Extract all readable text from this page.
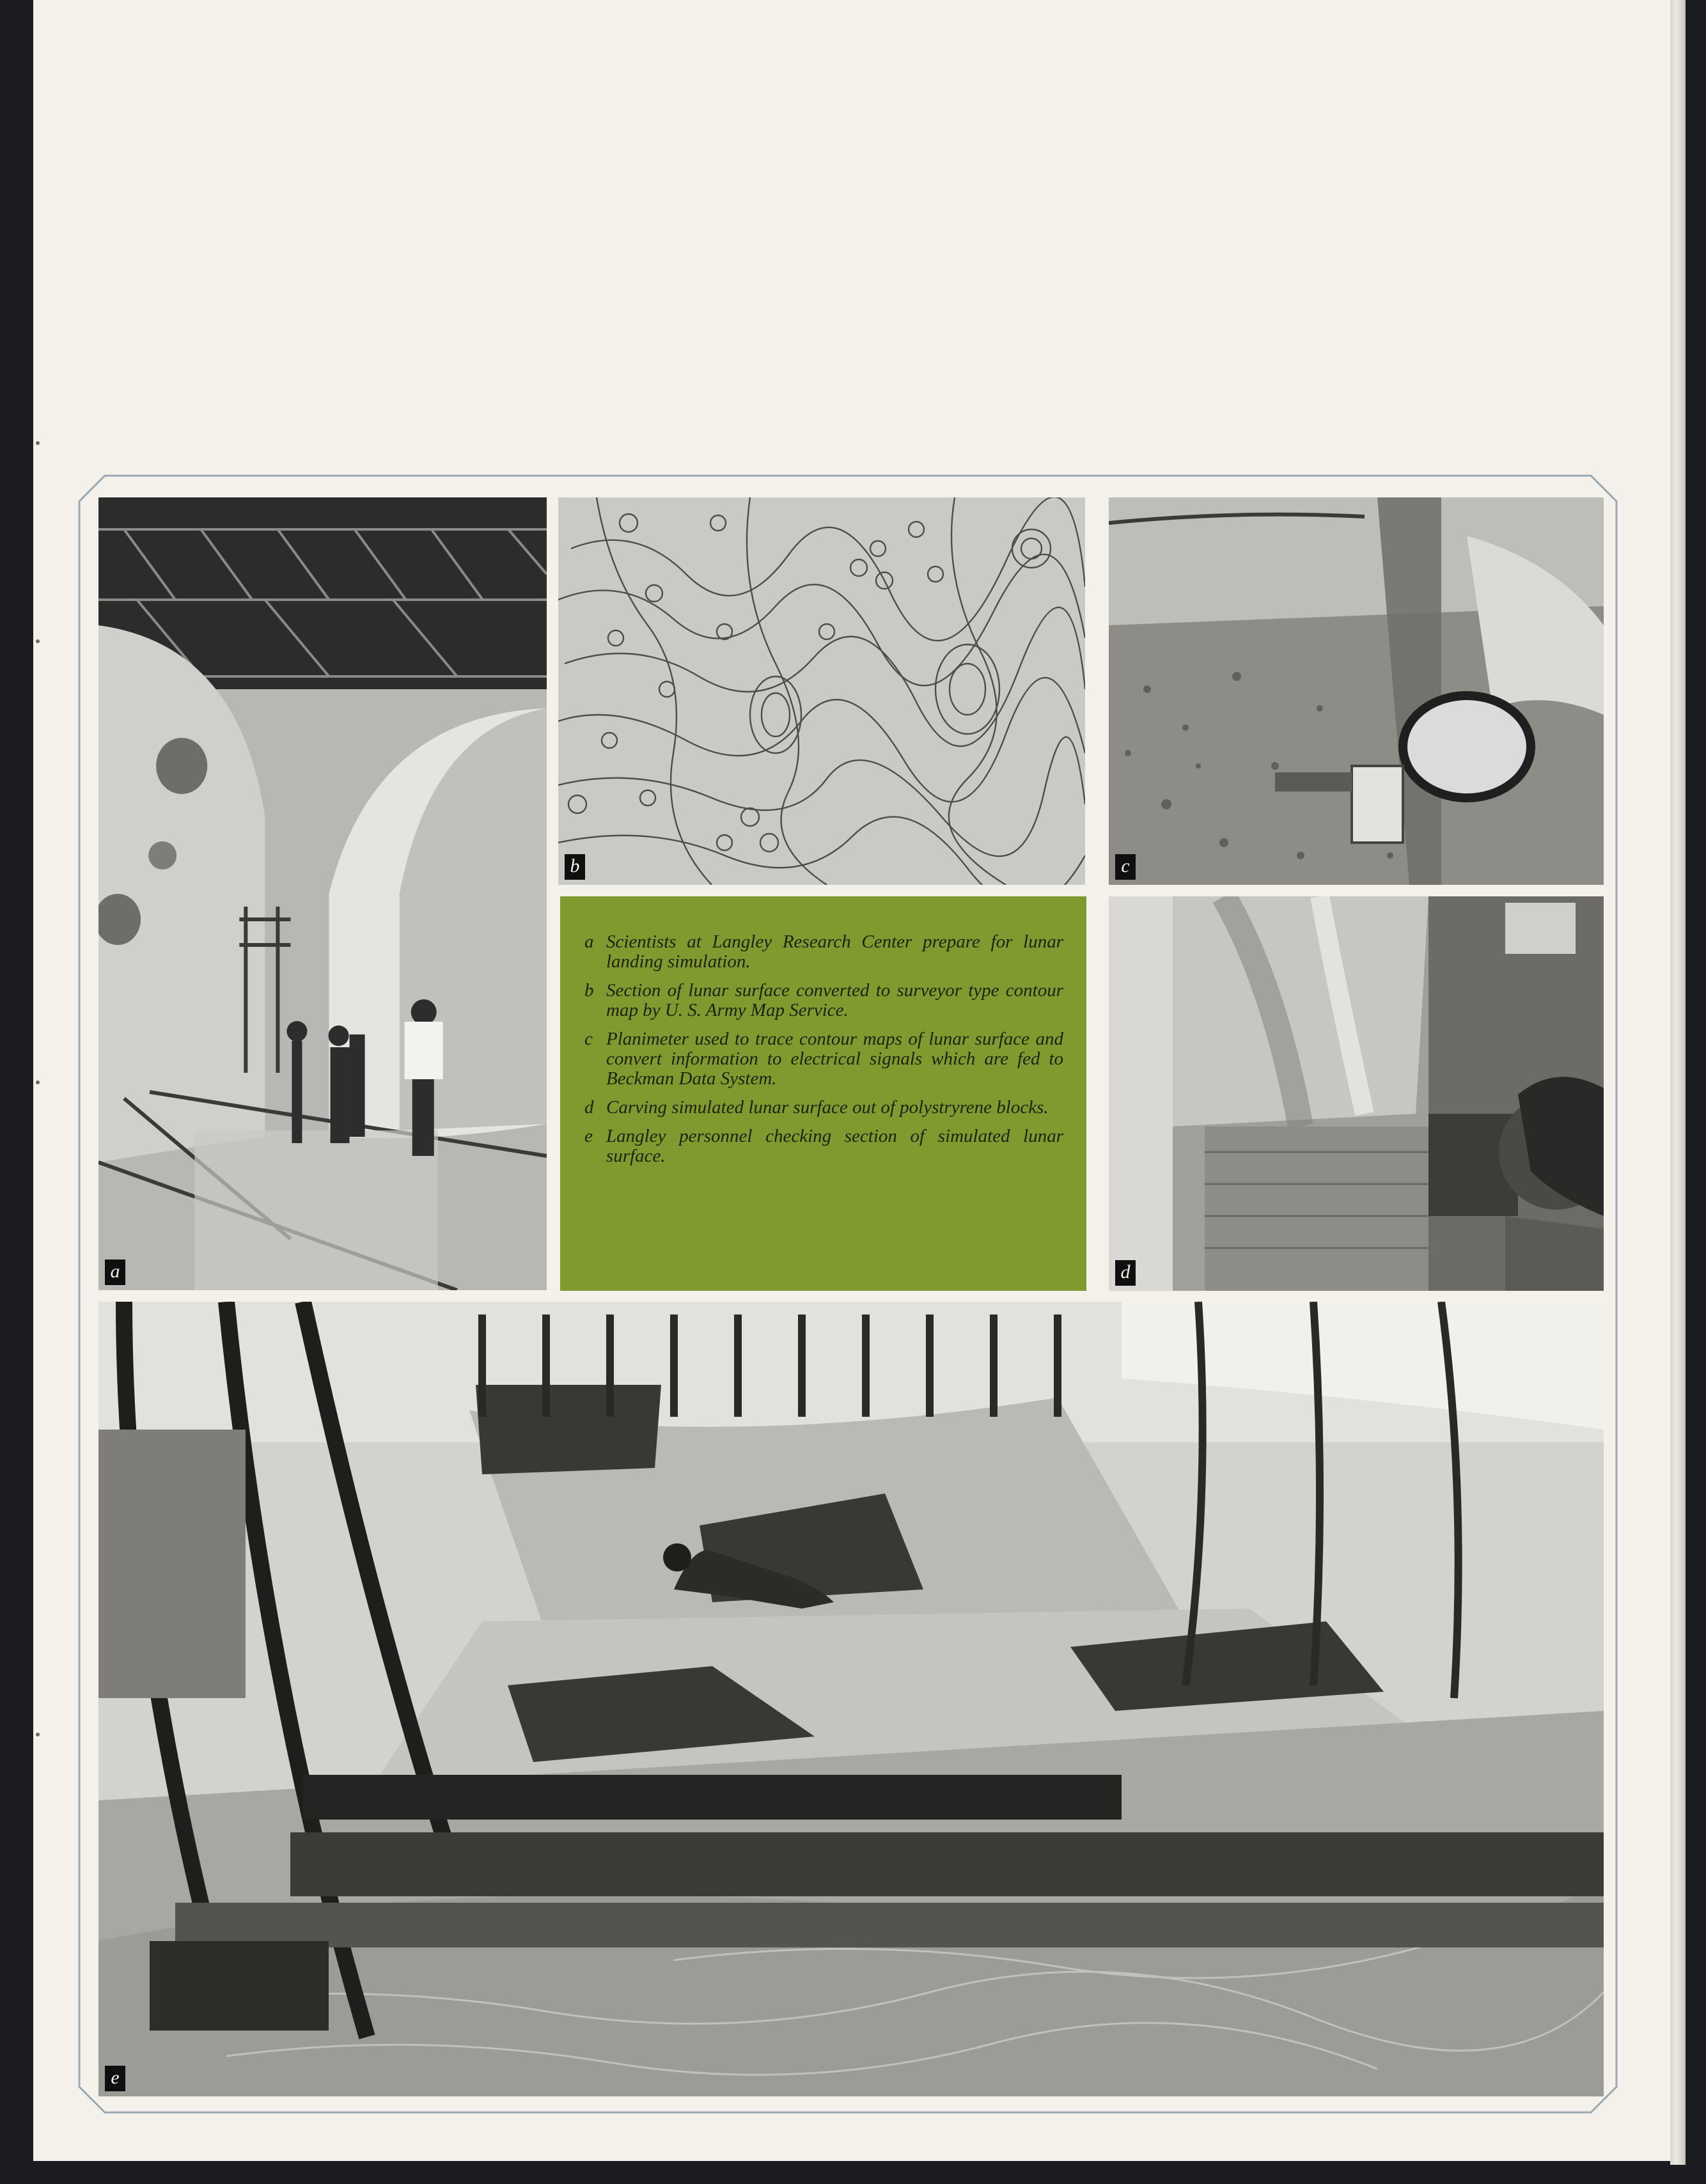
a
b	c
a Scientists at Langley Research Center prepare for lunar landing simulation.
b Section of lunar surface converted to surveyor type contour map by U. S. Army Map Service.
c Planimeter used to trace contour maps of lunar surface and convert information to electrical signals which are fed to Beckman Data System.
d Carving simulated lunar surface out of polystryrene blocks.
e Langley personnel checking section of simulated lunar surface.
d
e
